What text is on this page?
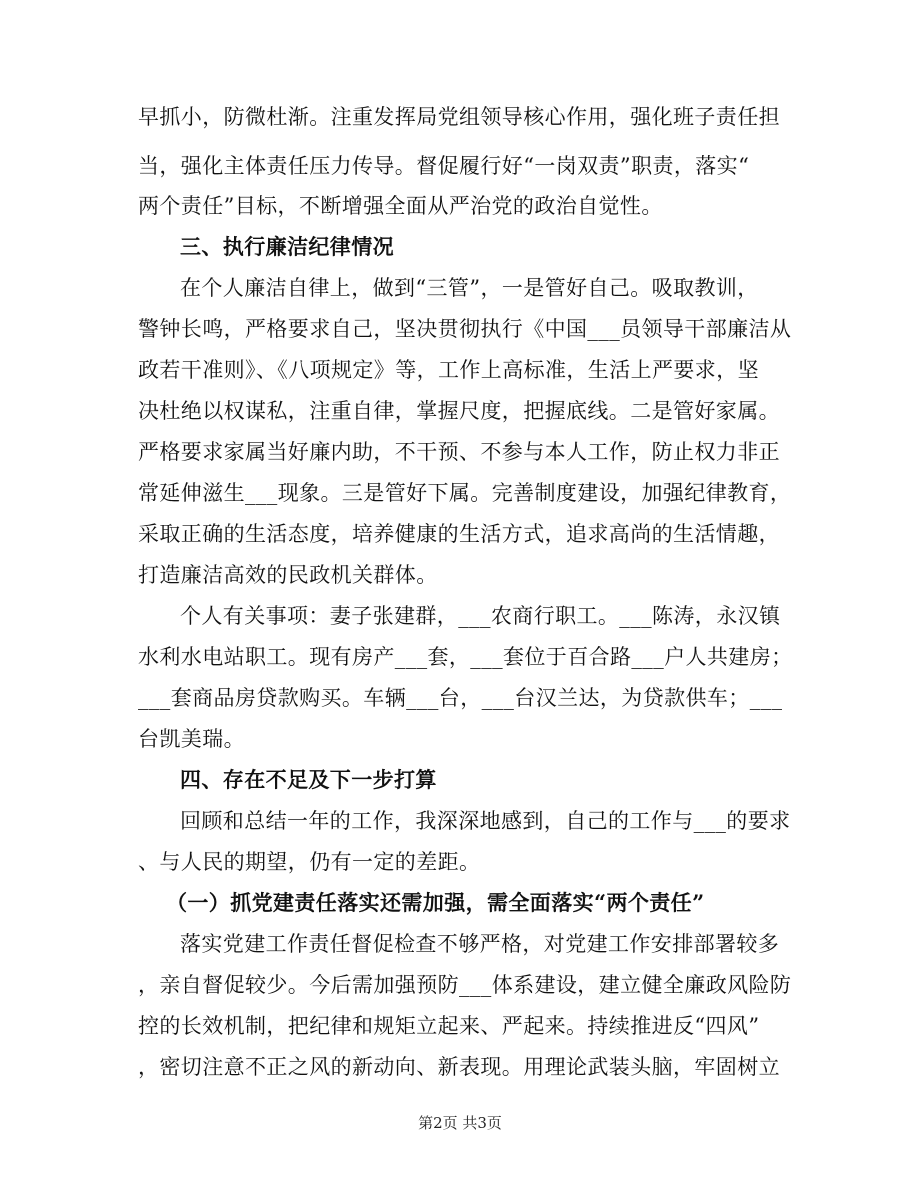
早抓小，防微杜渐。注重发挥局党组领导核心作用，强化班子责任担
当，强化主体责任压力传导。督促履行好“一岗双责”职责，落实“
两个责任”目标，不断增强全面从严治党的政治自觉性。
三、执行廉洁纪律情况
在个人廉洁自律上，做到“三管”，一是管好自己。吸取教训，
警钟长鸣，严格要求自己，坚决贯彻执行《中国___员领导干部廉洁从
政若干准则》、《八项规定》等，工作上高标准，生活上严要求，坚
决杜绝以权谋私，注重自律，掌握尺度，把握底线。二是管好家属。
严格要求家属当好廉内助，不干预、不参与本人工作，防止权力非正
常延伸滋生___现象。三是管好下属。完善制度建设，加强纪律教育，
采取正确的生活态度，培养健康的生活方式，追求高尚的生活情趣，
打造廉洁高效的民政机关群体。
个人有关事项：妻子张建群，___农商行职工。___陈涛，永汉镇
水利水电站职工。现有房产___套，___套位于百合路___户人共建房；
___套商品房贷款购买。车辆___台，___台汉兰达，为贷款供车；___
台凯美瑞。
四、存在不足及下一步打算
回顾和总结一年的工作，我深深地感到，自己的工作与___的要求
、与人民的期望，仍有一定的差距。
（一）抓党建责任落实还需加强，需全面落实“两个责任”
落实党建工作责任督促检查不够严格，对党建工作安排部署较多
，亲自督促较少。今后需加强预防___体系建设，建立健全廉政风险防
控的长效机制，把纪律和规矩立起来、严起来。持续推进反“四风”
，密切注意不正之风的新动向、新表现。用理论武装头脑，牢固树立
第2页 共3页
